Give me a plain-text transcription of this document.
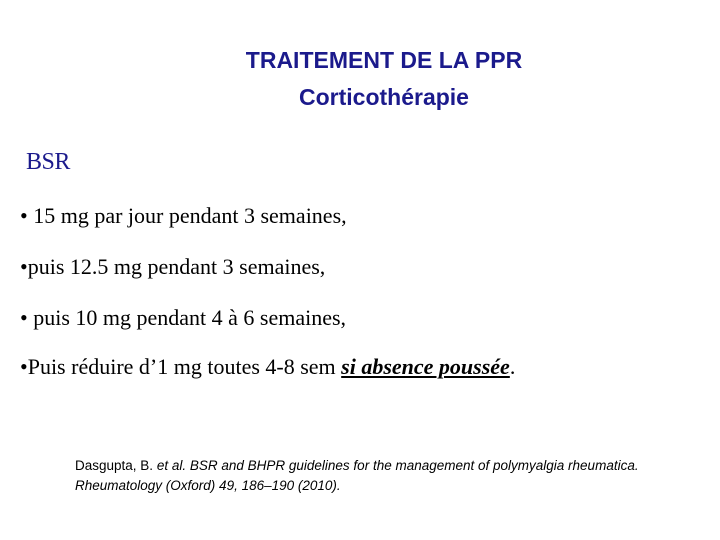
TRAITEMENT DE LA PPR
Corticothérapie
BSR
• 15 mg par jour pendant 3 semaines,
•puis 12.5 mg pendant 3 semaines,
• puis 10 mg pendant 4 à 6 semaines,
•Puis réduire d’1 mg toutes 4-8 sem si absence poussée.
Dasgupta, B. et al. BSR and BHPR guidelines for the management of polymyalgia rheumatica. Rheumatology (Oxford) 49, 186–190 (2010).
